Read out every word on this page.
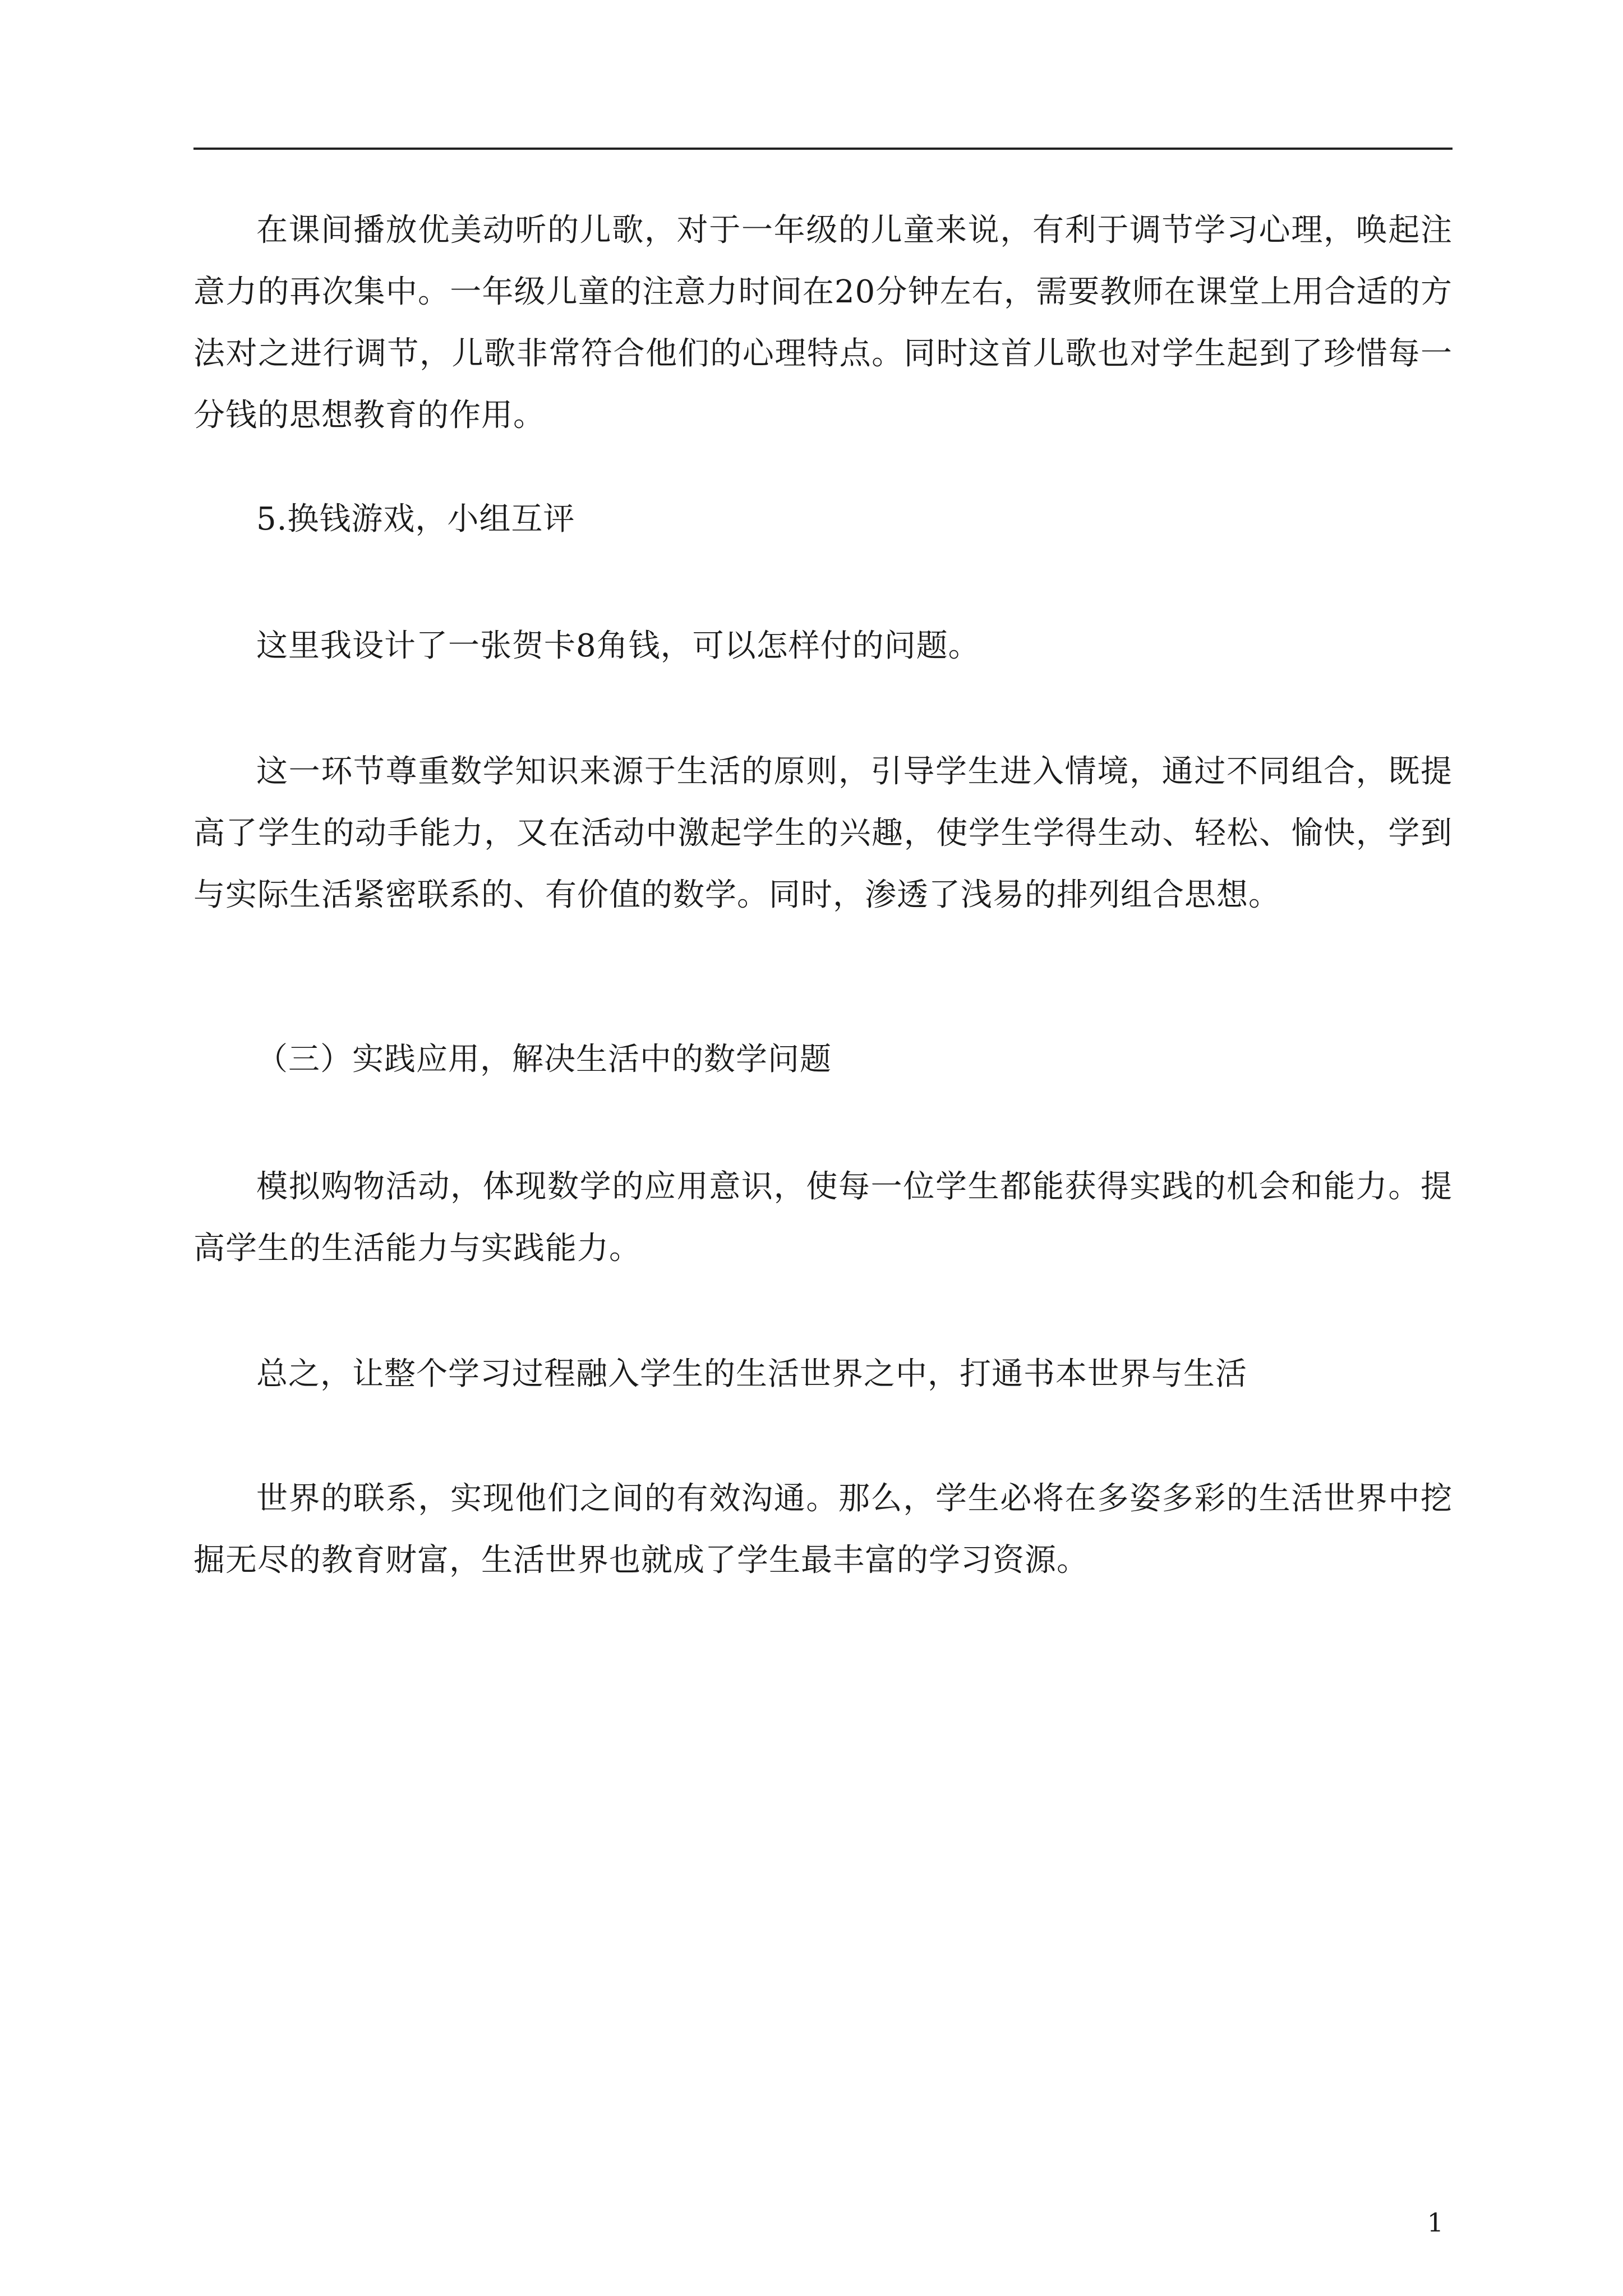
在课间播放优美动听的儿歌，对于一年级的儿童来说，有利于调节学习心理，唤起注意力的再次集中。一年级儿童的注意力时间在20分钟左右，需要教师在课堂上用合适的方法对之进行调节，儿歌非常符合他们的心理特点。同时这首儿歌也对学生起到了珍惜每一分钱的思想教育的作用。

5.换钱游戏，小组互评

这里我设计了一张贺卡8角钱，可以怎样付的问题。

这一环节尊重数学知识来源于生活的原则，引导学生进入情境，通过不同组合，既提高了学生的动手能力，又在活动中激起学生的兴趣，使学生学得生动、轻松、愉快，学到与实际生活紧密联系的、有价值的数学。同时，渗透了浅易的排列组合思想。

（三）实践应用，解决生活中的数学问题

模拟购物活动，体现数学的应用意识，使每一位学生都能获得实践的机会和能力。提高学生的生活能力与实践能力。

总之，让整个学习过程融入学生的生活世界之中，打通书本世界与生活

世界的联系，实现他们之间的有效沟通。那么，学生必将在多姿多彩的生活世界中挖掘无尽的教育财富，生活世界也就成了学生最丰富的学习资源。

1
